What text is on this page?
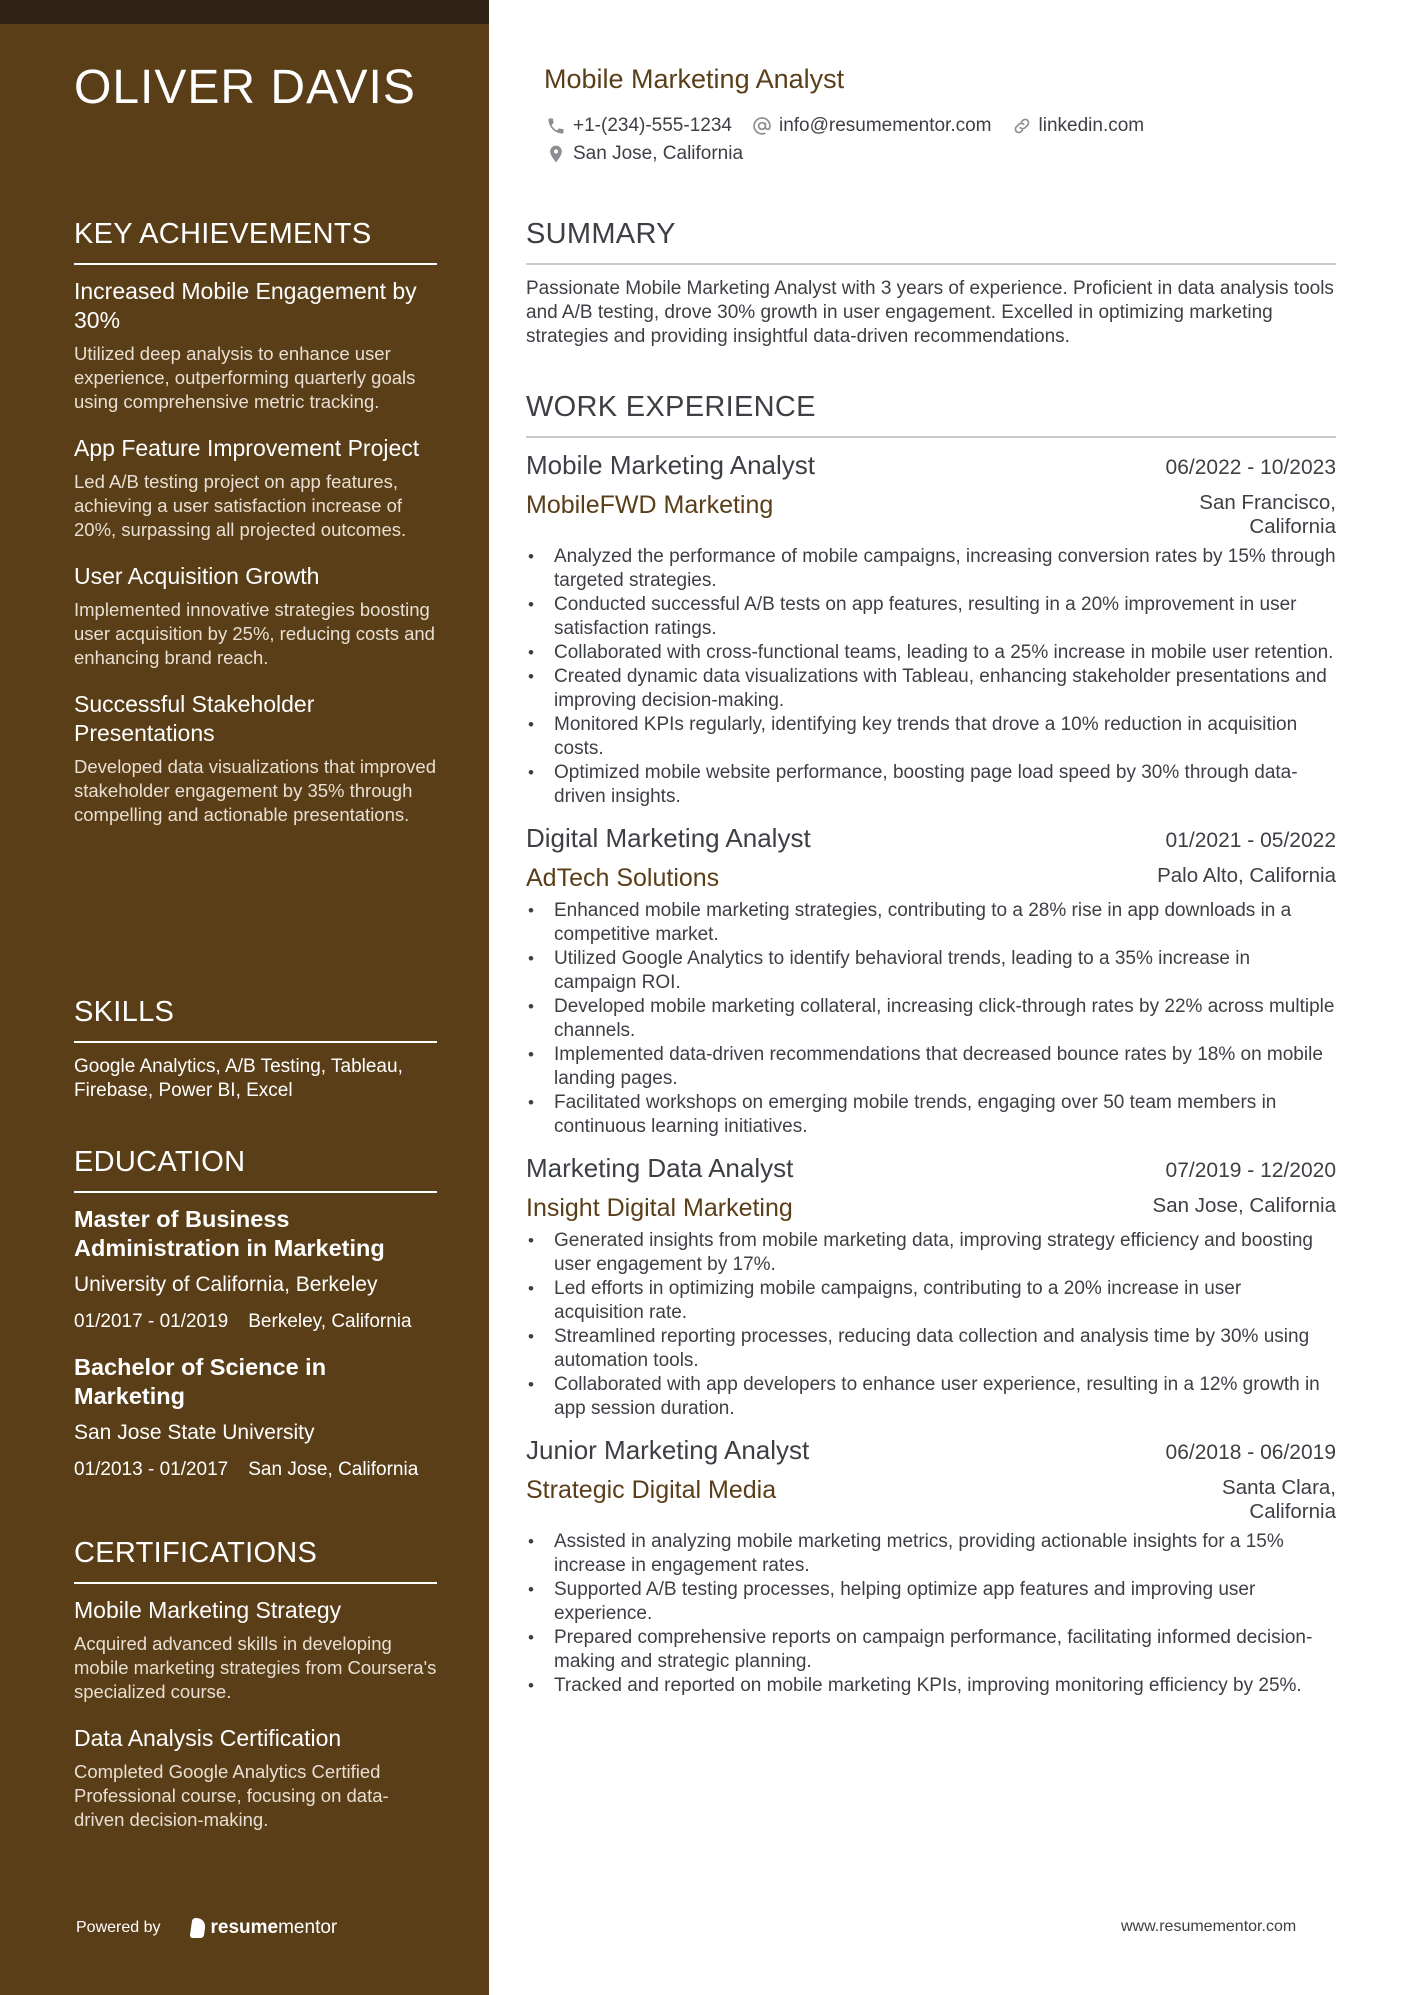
OLIVER DAVIS
KEY ACHIEVEMENTS
Increased Mobile Engagement by 30%
Utilized deep analysis to enhance user experience, outperforming quarterly goals using comprehensive metric tracking.
App Feature Improvement Project
Led A/B testing project on app features, achieving a user satisfaction increase of 20%, surpassing all projected outcomes.
User Acquisition Growth
Implemented innovative strategies boosting user acquisition by 25%, reducing costs and enhancing brand reach.
Successful Stakeholder Presentations
Developed data visualizations that improved stakeholder engagement by 35% through compelling and actionable presentations.
SKILLS
Google Analytics, A/B Testing, Tableau, Firebase, Power BI, Excel
EDUCATION
Master of Business Administration in Marketing
University of California, Berkeley
01/2017 - 01/2019 Berkeley, California
Bachelor of Science in Marketing
San Jose State University
01/2013 - 01/2017 San Jose, California
CERTIFICATIONS
Mobile Marketing Strategy
Acquired advanced skills in developing mobile marketing strategies from Coursera's specialized course.
Data Analysis Certification
Completed Google Analytics Certified Professional course, focusing on data-driven decision-making.
Powered by	resume mentor
Mobile Marketing Analyst
+1-(234)-555-1234 info@resumementor.com linkedin.com
San Jose, California
SUMMARY
Passionate Mobile Marketing Analyst with 3 years of experience. Proficient in data analysis tools and A/B testing, drove 30% growth in user engagement. Excelled in optimizing marketing strategies and providing insightful data-driven recommendations.
WORK EXPERIENCE
Mobile Marketing Analyst	06/2022 - 10/2023
MobileFWD Marketing	San Francisco, California
• Analyzed the performance of mobile campaigns, increasing conversion rates by 15% through targeted strategies.
• Conducted successful A/B tests on app features, resulting in a 20% improvement in user satisfaction ratings.
• Collaborated with cross-functional teams, leading to a 25% increase in mobile user retention.
• Created dynamic data visualizations with Tableau, enhancing stakeholder presentations and improving decision-making.
• Monitored KPIs regularly, identifying key trends that drove a 10% reduction in acquisition costs.
• Optimized mobile website performance, boosting page load speed by 30% through data-driven insights.
Digital Marketing Analyst	01/2021 - 05/2022
AdTech Solutions	Palo Alto, California
• Enhanced mobile marketing strategies, contributing to a 28% rise in app downloads in a competitive market.
• Utilized Google Analytics to identify behavioral trends, leading to a 35% increase in campaign ROI.
• Developed mobile marketing collateral, increasing click-through rates by 22% across multiple channels.
• Implemented data-driven recommendations that decreased bounce rates by 18% on mobile landing pages.
• Facilitated workshops on emerging mobile trends, engaging over 50 team members in continuous learning initiatives.
Marketing Data Analyst	07/2019 - 12/2020
Insight Digital Marketing	San Jose, California
• Generated insights from mobile marketing data, improving strategy efficiency and boosting user engagement by 17%.
• Led efforts in optimizing mobile campaigns, contributing to a 20% increase in user acquisition rate.
• Streamlined reporting processes, reducing data collection and analysis time by 30% using automation tools.
• Collaborated with app developers to enhance user experience, resulting in a 12% growth in app session duration.
Junior Marketing Analyst	06/2018 - 06/2019
Strategic Digital Media	Santa Clara, California
• Assisted in analyzing mobile marketing metrics, providing actionable insights for a 15% increase in engagement rates.
• Supported A/B testing processes, helping optimize app features and improving user experience.
• Prepared comprehensive reports on campaign performance, facilitating informed decision-making and strategic planning.
• Tracked and reported on mobile marketing KPIs, improving monitoring efficiency by 25%.
www.resumementor.com
